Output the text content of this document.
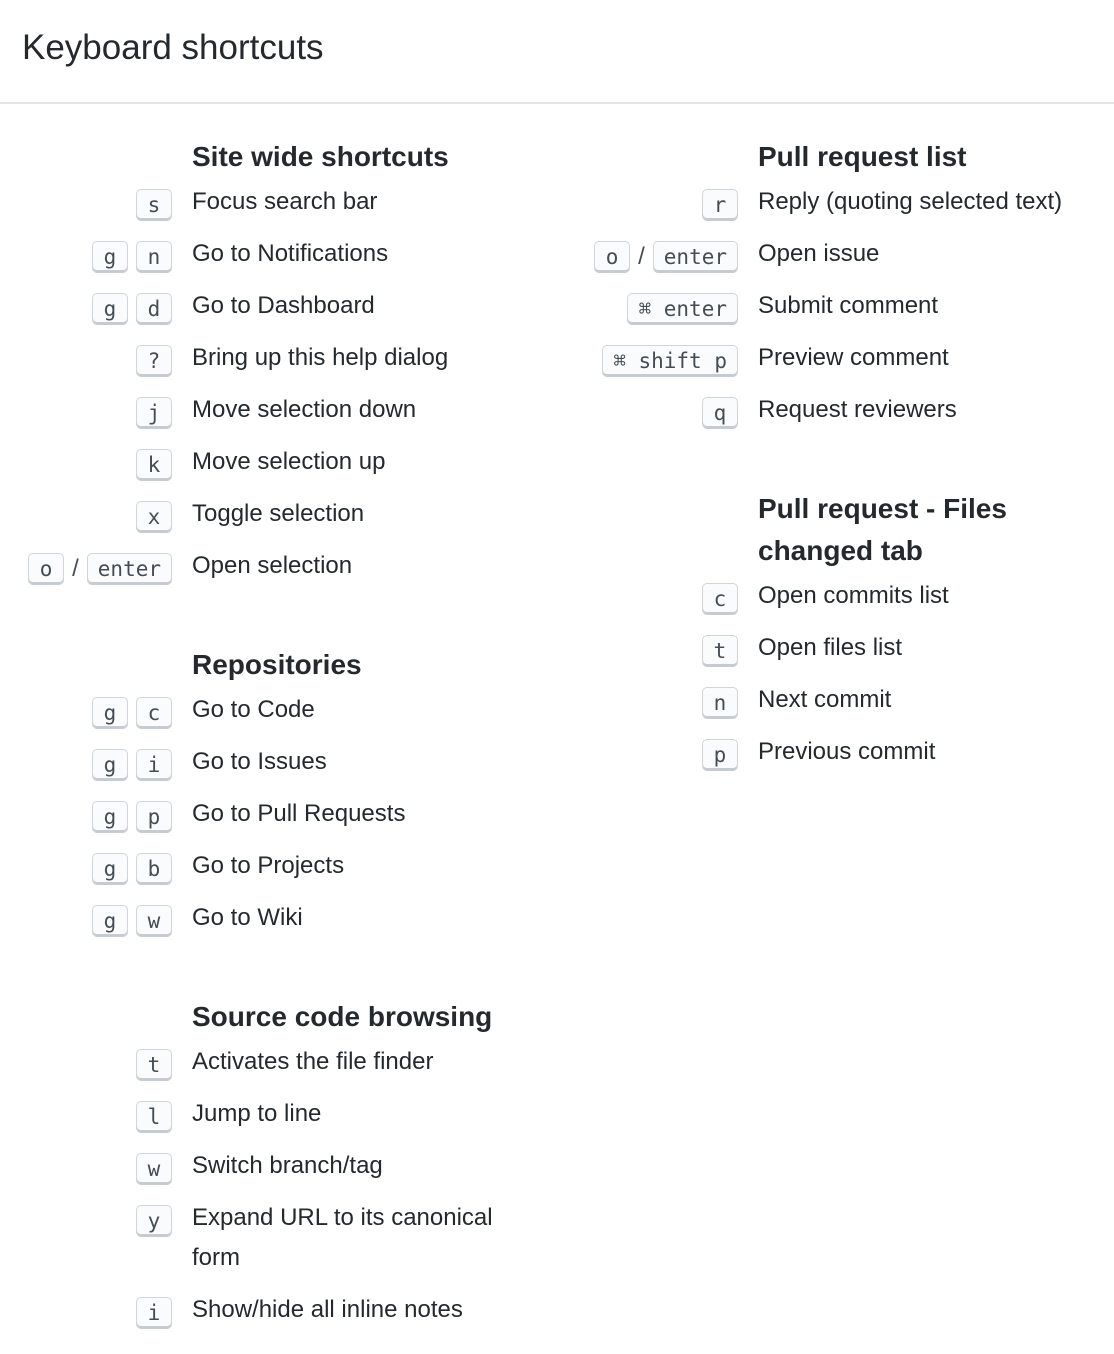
Keyboard shortcuts
Site wide shortcuts
s	Focus search bar
g	n	Go to Notifications
g	d	Go to Dashboard
?	Bring up this help dialog
j	Move selection down
k	Move selection up
x	Toggle selection
o / enter	Open selection
Repositories
g	c	Go to Code
g	i	Go to Issues
g	p	Go to Pull Requests
g	b	Go to Projects
g	w	Go to Wiki
Source code browsing
t	Activates the file finder
l	Jump to line
w	Switch branch/tag
y	Expand URL to its canonical form
i	Show/hide all inline notes
Pull request list
r	Reply (quoting selected text)
o / enter	Open issue
⌘ enter	Submit comment
⌘ shift p	Preview comment
q	Request reviewers
Pull request - Files changed tab
c	Open commits list
t	Open files list
n	Next commit
p	Previous commit
